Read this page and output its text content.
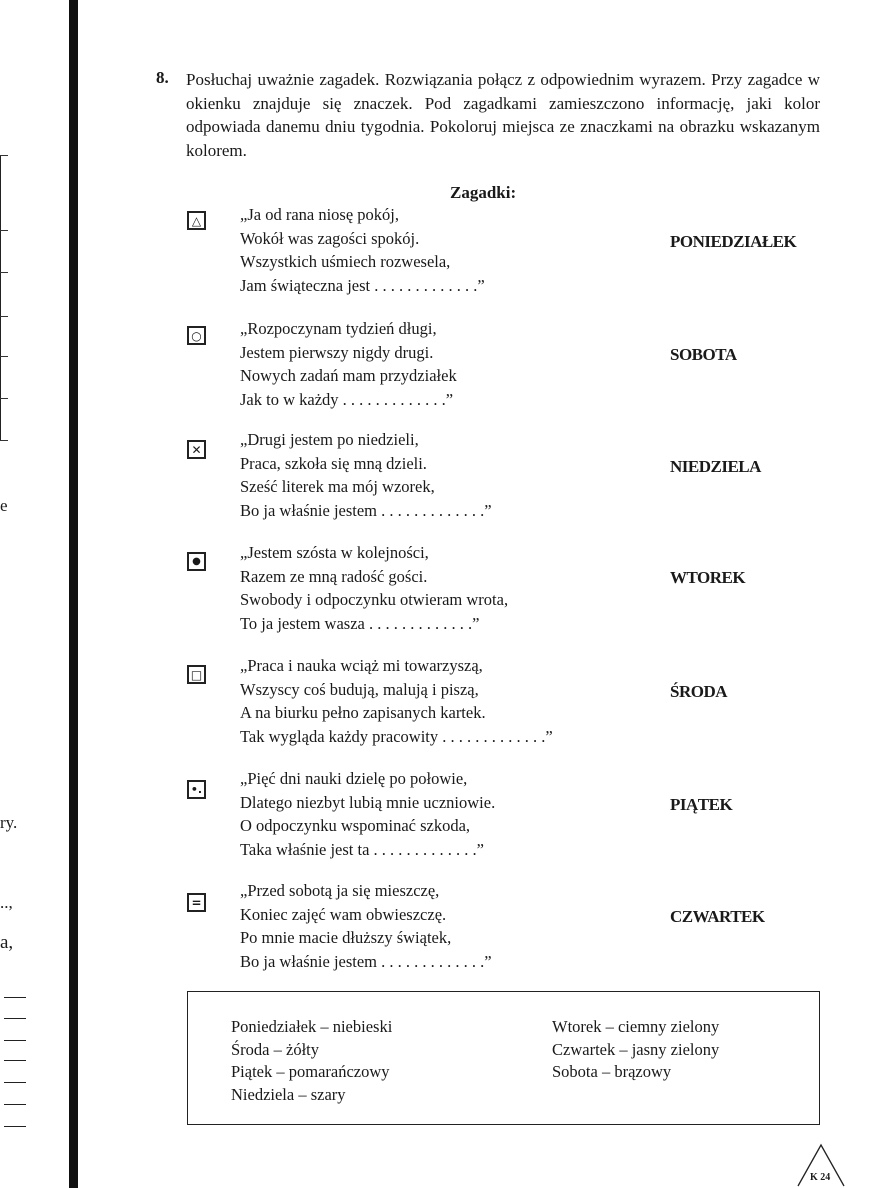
e
ry.
..,
a,
8. Posłuchaj uważnie zagadek. Rozwiązania połącz z odpowiednim wyrazem. Przy zagadce w okienku znajduje się znaczek. Pod zagadkami zamieszczono informację, jaki kolor odpowiada danemu dniu tygodnia. Pokoloruj miejsca ze znaczkami na obrazku wskazanym kolorem.
Zagadki:
△ „Ja od rana niosę pokój,
Wokół was zagości spokój.
Wszystkich uśmiech rozwesela,
Jam świąteczna jest . . . . . . . . . . . . .”
PONIEDZIAŁEK
○ „Rozpoczynam tydzień długi,
Jestem pierwszy nigdy drugi.
Nowych zadań mam przydziałek
Jak to w każdy . . . . . . . . . . . . .”
SOBOTA
✕
„Drugi jestem po niedzieli,
Praca, szkoła się mną dzieli.
Sześć literek ma mój wzorek,
Bo ja właśnie jestem . . . . . . . . . . . . .”
NIEDZIELA
●	„Jestem szósta w kolejności,
Razem ze mną radość gości.
Swobody i odpoczynku otwieram wrota,
To ja jestem wasza . . . . . . . . . . . . .”
WTOREK
□ „Praca i nauka wciąż mi towarzyszą,
Wszyscy coś budują, malują i piszą,
A na biurku pełno zapisanych kartek.
Tak wygląda każdy pracowity . . . . . . . . . . . . .”
ŚRODA
•.
„Pięć dni nauki dzielę po połowie,
Dlatego niezbyt lubią mnie uczniowie.
O odpoczynku wspominać szkoda,
Taka właśnie jest ta . . . . . . . . . . . . .”
PIĄTEK
=
„Przed sobotą ja się mieszczę,
Koniec zajęć wam obwieszczę.
Po mnie macie dłuższy świątek,
Bo ja właśnie jestem . . . . . . . . . . . . .”
CZWARTEK
Poniedziałek – niebieski
Środa – żółty
Piątek – pomarańczowy
Niedziela – szary
Wtorek – ciemny zielony
Czwartek – jasny zielony
Sobota – brązowy
K 24
